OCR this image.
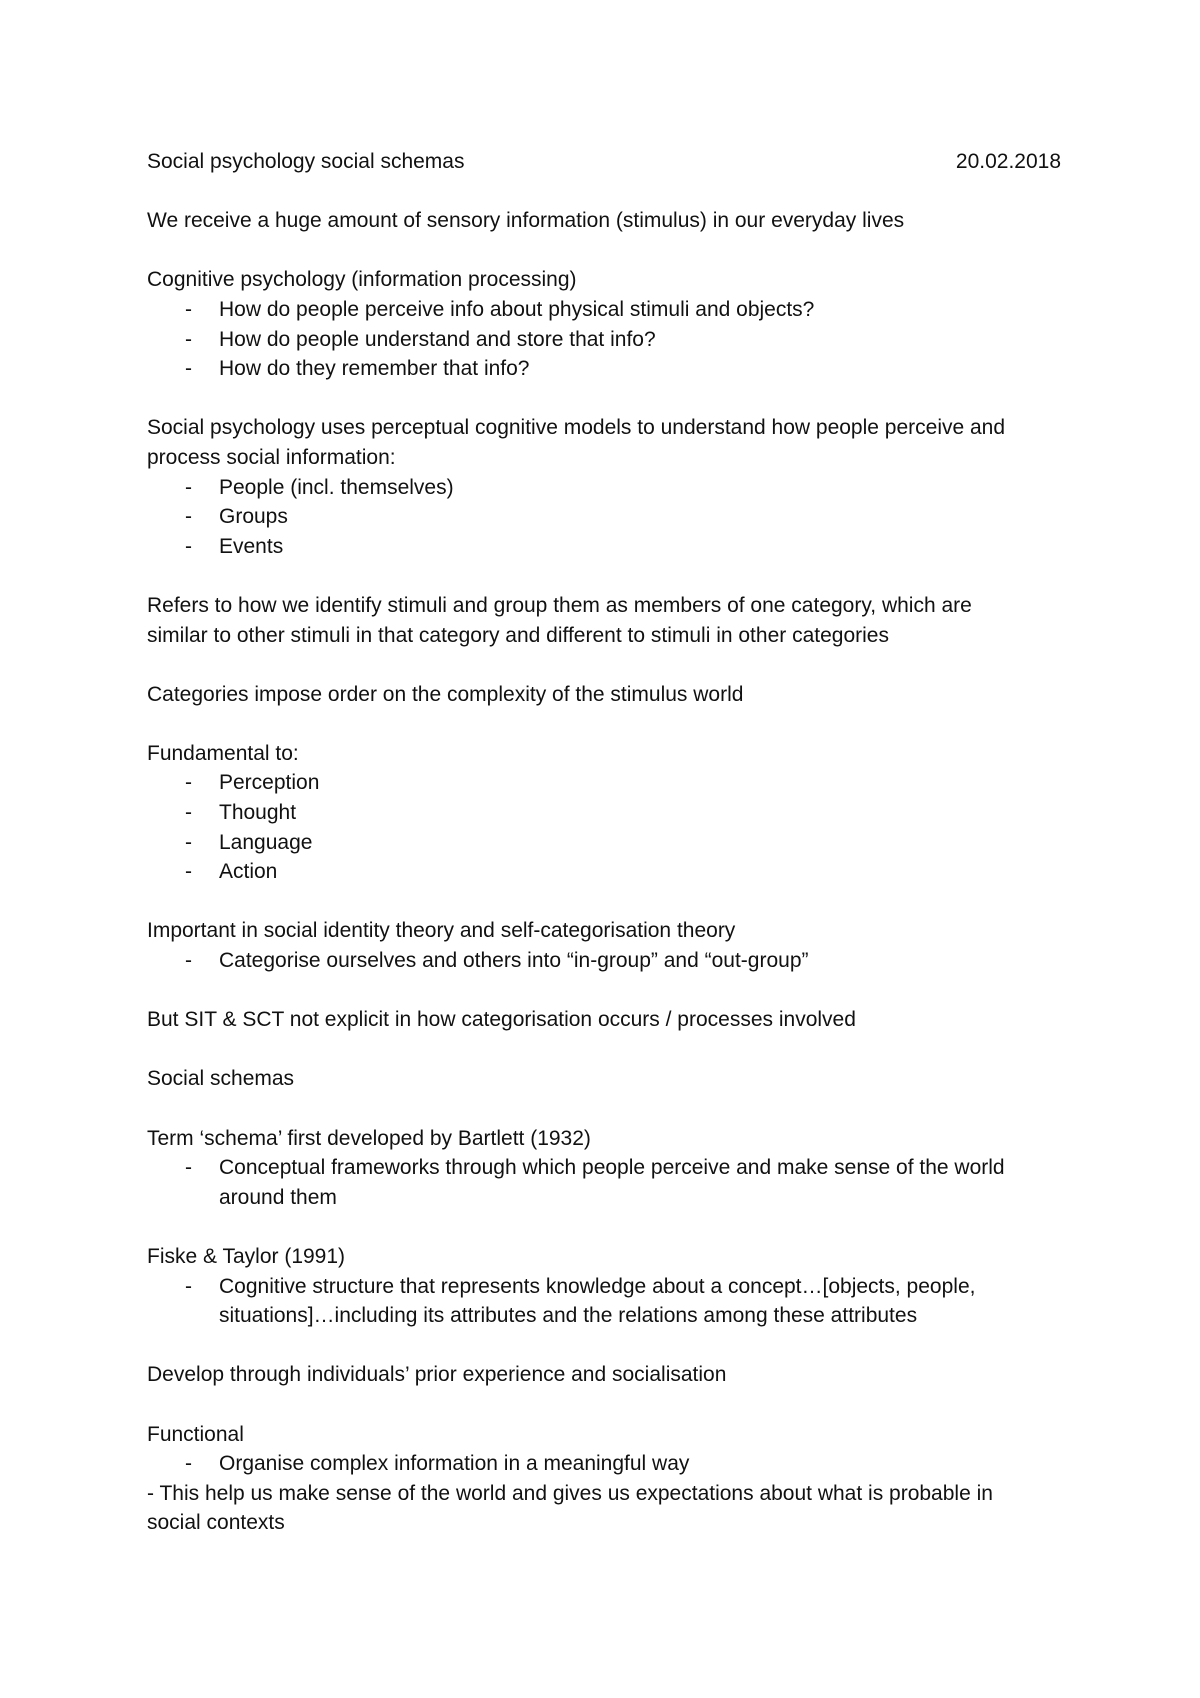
Social psychology social schemas	20.02.2018

We receive a huge amount of sensory information (stimulus) in our everyday lives

Cognitive psychology (information processing)

- How do people perceive info about physical stimuli and objects?
- How do people understand and store that info?
- How do they remember that info?

Social psychology uses perceptual cognitive models to understand how people perceive and

process social information:

- People (incl. themselves)
- Groups
- Events

Refers to how we identify stimuli and group them as members of one category, which are

similar to other stimuli in that category and different to stimuli in other categories

Categories impose order on the complexity of the stimulus world

Fundamental to:

- Perception
- Thought
- Language
- Action

Important in social identity theory and self-categorisation theory

- Categorise ourselves and others into “in-group” and “out-group”

But SIT & SCT not explicit in how categorisation occurs / processes involved

Social schemas

Term ‘schema’ first developed by Bartlett (1932)

- Conceptual frameworks through which people perceive and make sense of the world
around them

Fiske & Taylor (1991)

- Cognitive structure that represents knowledge about a concept…[objects, people,
situations]…including its attributes and the relations among these attributes

Develop through individuals’ prior experience and socialisation

Functional

- Organise complex information in a meaningful way

- This help us make sense of the world and gives us expectations about what is probable in

social contexts
